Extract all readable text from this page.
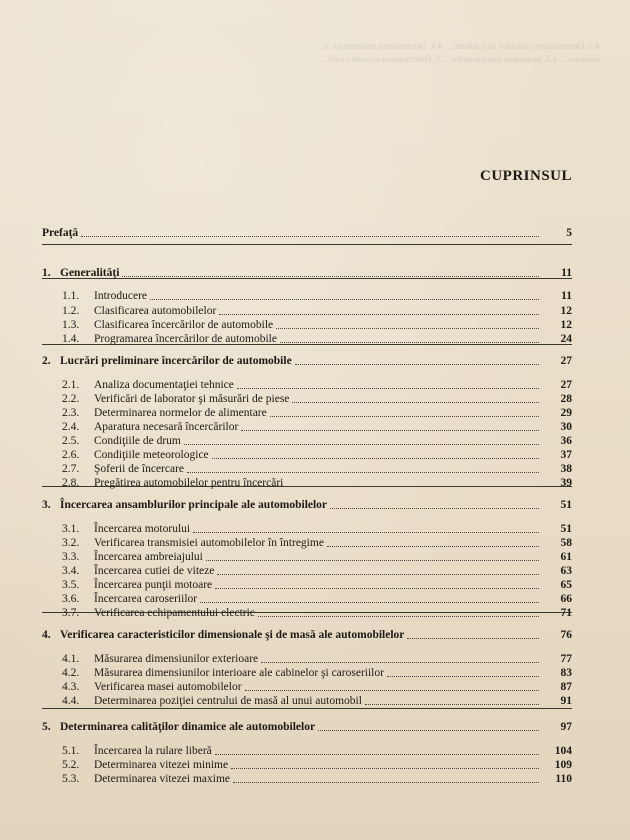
4.3. Determinarea calitatilor de tractiune ... 4.4. Determinarea rezistentelor la inaintare ... 4.5. Incercarea mecanismelor ... 5. Determinarea economicitatii ...
CUPRINSUL
Prefaţă	5
1. Generalităţi	11
1.1.	Introducere	11
1.2.	Clasificarea automobilelor	12
1.3.	Clasificarea încercărilor de automobile	12
1.4.	Programarea încercărilor de automobile	24
2. Lucrări preliminare încercărilor de automobile	27
2.1.	Analiza documentaţiei tehnice	27
2.2.	Verificări de laborator şi măsurări de piese	28
2.3.	Determinarea normelor de alimentare	29
2.4.	Aparatura necesară încercărilor	30
2.5.	Condiţiile de drum	36
2.6.	Condiţiile meteorologice	37
2.7.	Şoferii de încercare	38
2.8.	Pregătirea automobilelor pentru încercări	39
3. Încercarea ansamblurilor principale ale automobilelor	51
3.1.	Încercarea motorului	51
3.2.	Verificarea transmisiei automobilelor în întregime	58
3.3.	Încercarea ambreiajului	61
3.4.	Încercarea cutiei de viteze	63
3.5.	Încercarea punţii motoare	65
3.6.	Încercarea caroseriilor	66
3.7.	Verificarea echipamentului electric	71
4. Verificarea caracteristicilor dimensionale şi de masă ale automobilelor	76
4.1.	Măsurarea dimensiunilor exterioare	77
4.2.	Măsurarea dimensiunilor interioare ale cabinelor şi caroseriilor	83
4.3.	Verificarea masei automobilelor	87
4.4.	Determinarea poziţiei centrului de masă al unui automobil	91
5. Determinarea calităţilor dinamice ale automobilelor	97
5.1.	Încercarea la rulare liberă	104
5.2.	Determinarea vitezei minime	109
5.3.	Determinarea vitezei maxime	110
